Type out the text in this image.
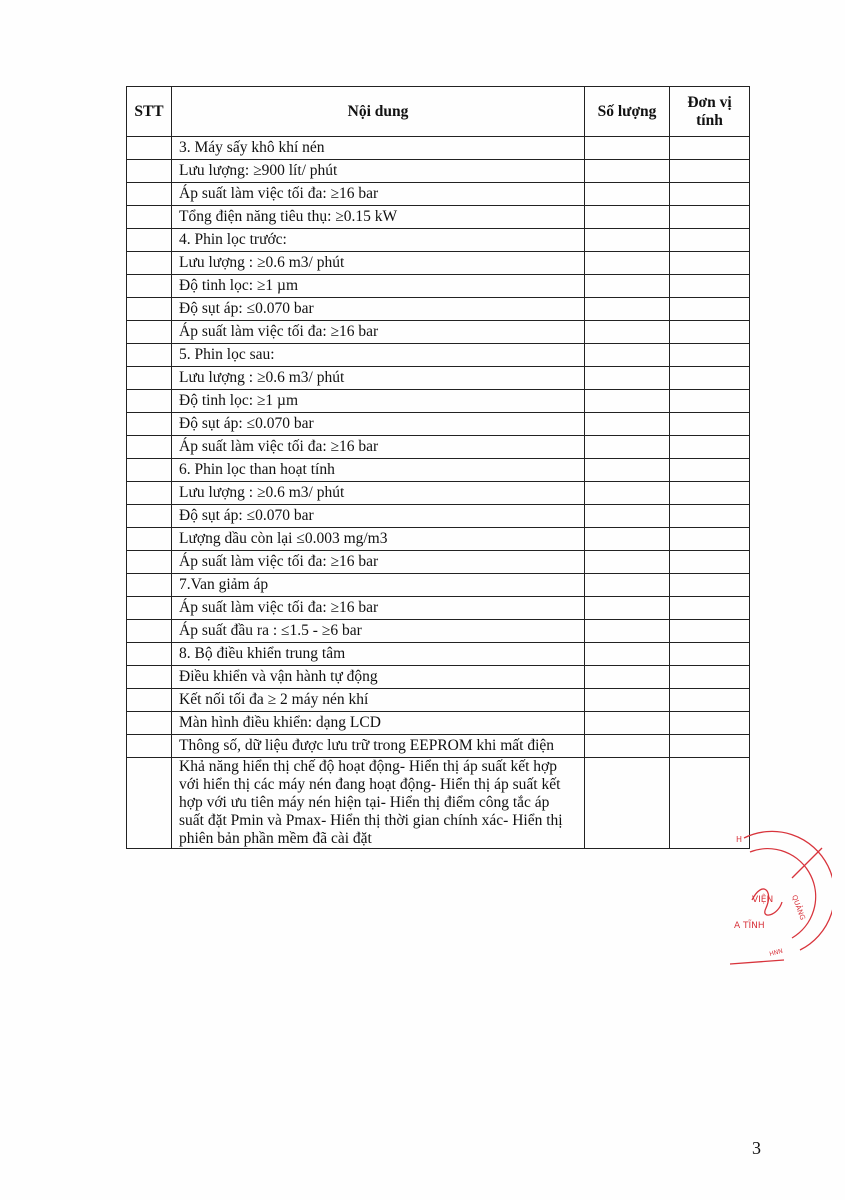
STT	Nội dung	Số lượng	Đơn vị tính
	3. Máy sấy khô khí nén		
	Lưu lượng: ≥900 lít/ phút		
	Áp suất làm việc tối đa: ≥16 bar		
	Tổng điện năng tiêu thụ: ≥0.15 kW		
	4. Phin lọc trước:		
	Lưu lượng : ≥0.6 m3/ phút		
	Độ tinh lọc: ≥1 µm		
	Độ sụt áp: ≤0.070 bar		
	Áp suất làm việc tối đa: ≥16 bar		
	5. Phin lọc sau:		
	Lưu lượng : ≥0.6 m3/ phút		
	Độ tinh lọc: ≥1 µm		
	Độ sụt áp: ≤0.070 bar		
	Áp suất làm việc tối đa: ≥16 bar		
	6. Phin lọc than hoạt tính		
	Lưu lượng : ≥0.6 m3/ phút		
	Độ sụt áp: ≤0.070 bar		
	Lượng dầu còn lại ≤0.003 mg/m3		
	Áp suất làm việc tối đa: ≥16 bar		
	7.Van giảm áp		
	Áp suất làm việc tối đa: ≥16 bar		
	Áp suất đầu ra : ≤1.5 - ≥6 bar		
	8. Bộ điều khiển trung tâm		
	Điều khiển và vận hành tự động		
	Kết nối tối đa ≥ 2 máy nén khí		
	Màn hình điều khiển: dạng LCD		
	Thông số, dữ liệu được lưu trữ trong EEPROM khi mất điện		
	Khả năng hiển thị chế độ hoạt động- Hiển thị áp suất kết hợp với hiển thị các máy nén đang hoạt động- Hiển thị áp suất kết hợp với ưu tiên máy nén hiện tại- Hiển thị điểm công tắc áp suất đặt Pmin và Pmax- Hiển thị thời gian chính xác- Hiển thị phiên bản phần mềm đã cài đặt			H
VIỆN
A TĨNH
QUẢNG
HNN
3
